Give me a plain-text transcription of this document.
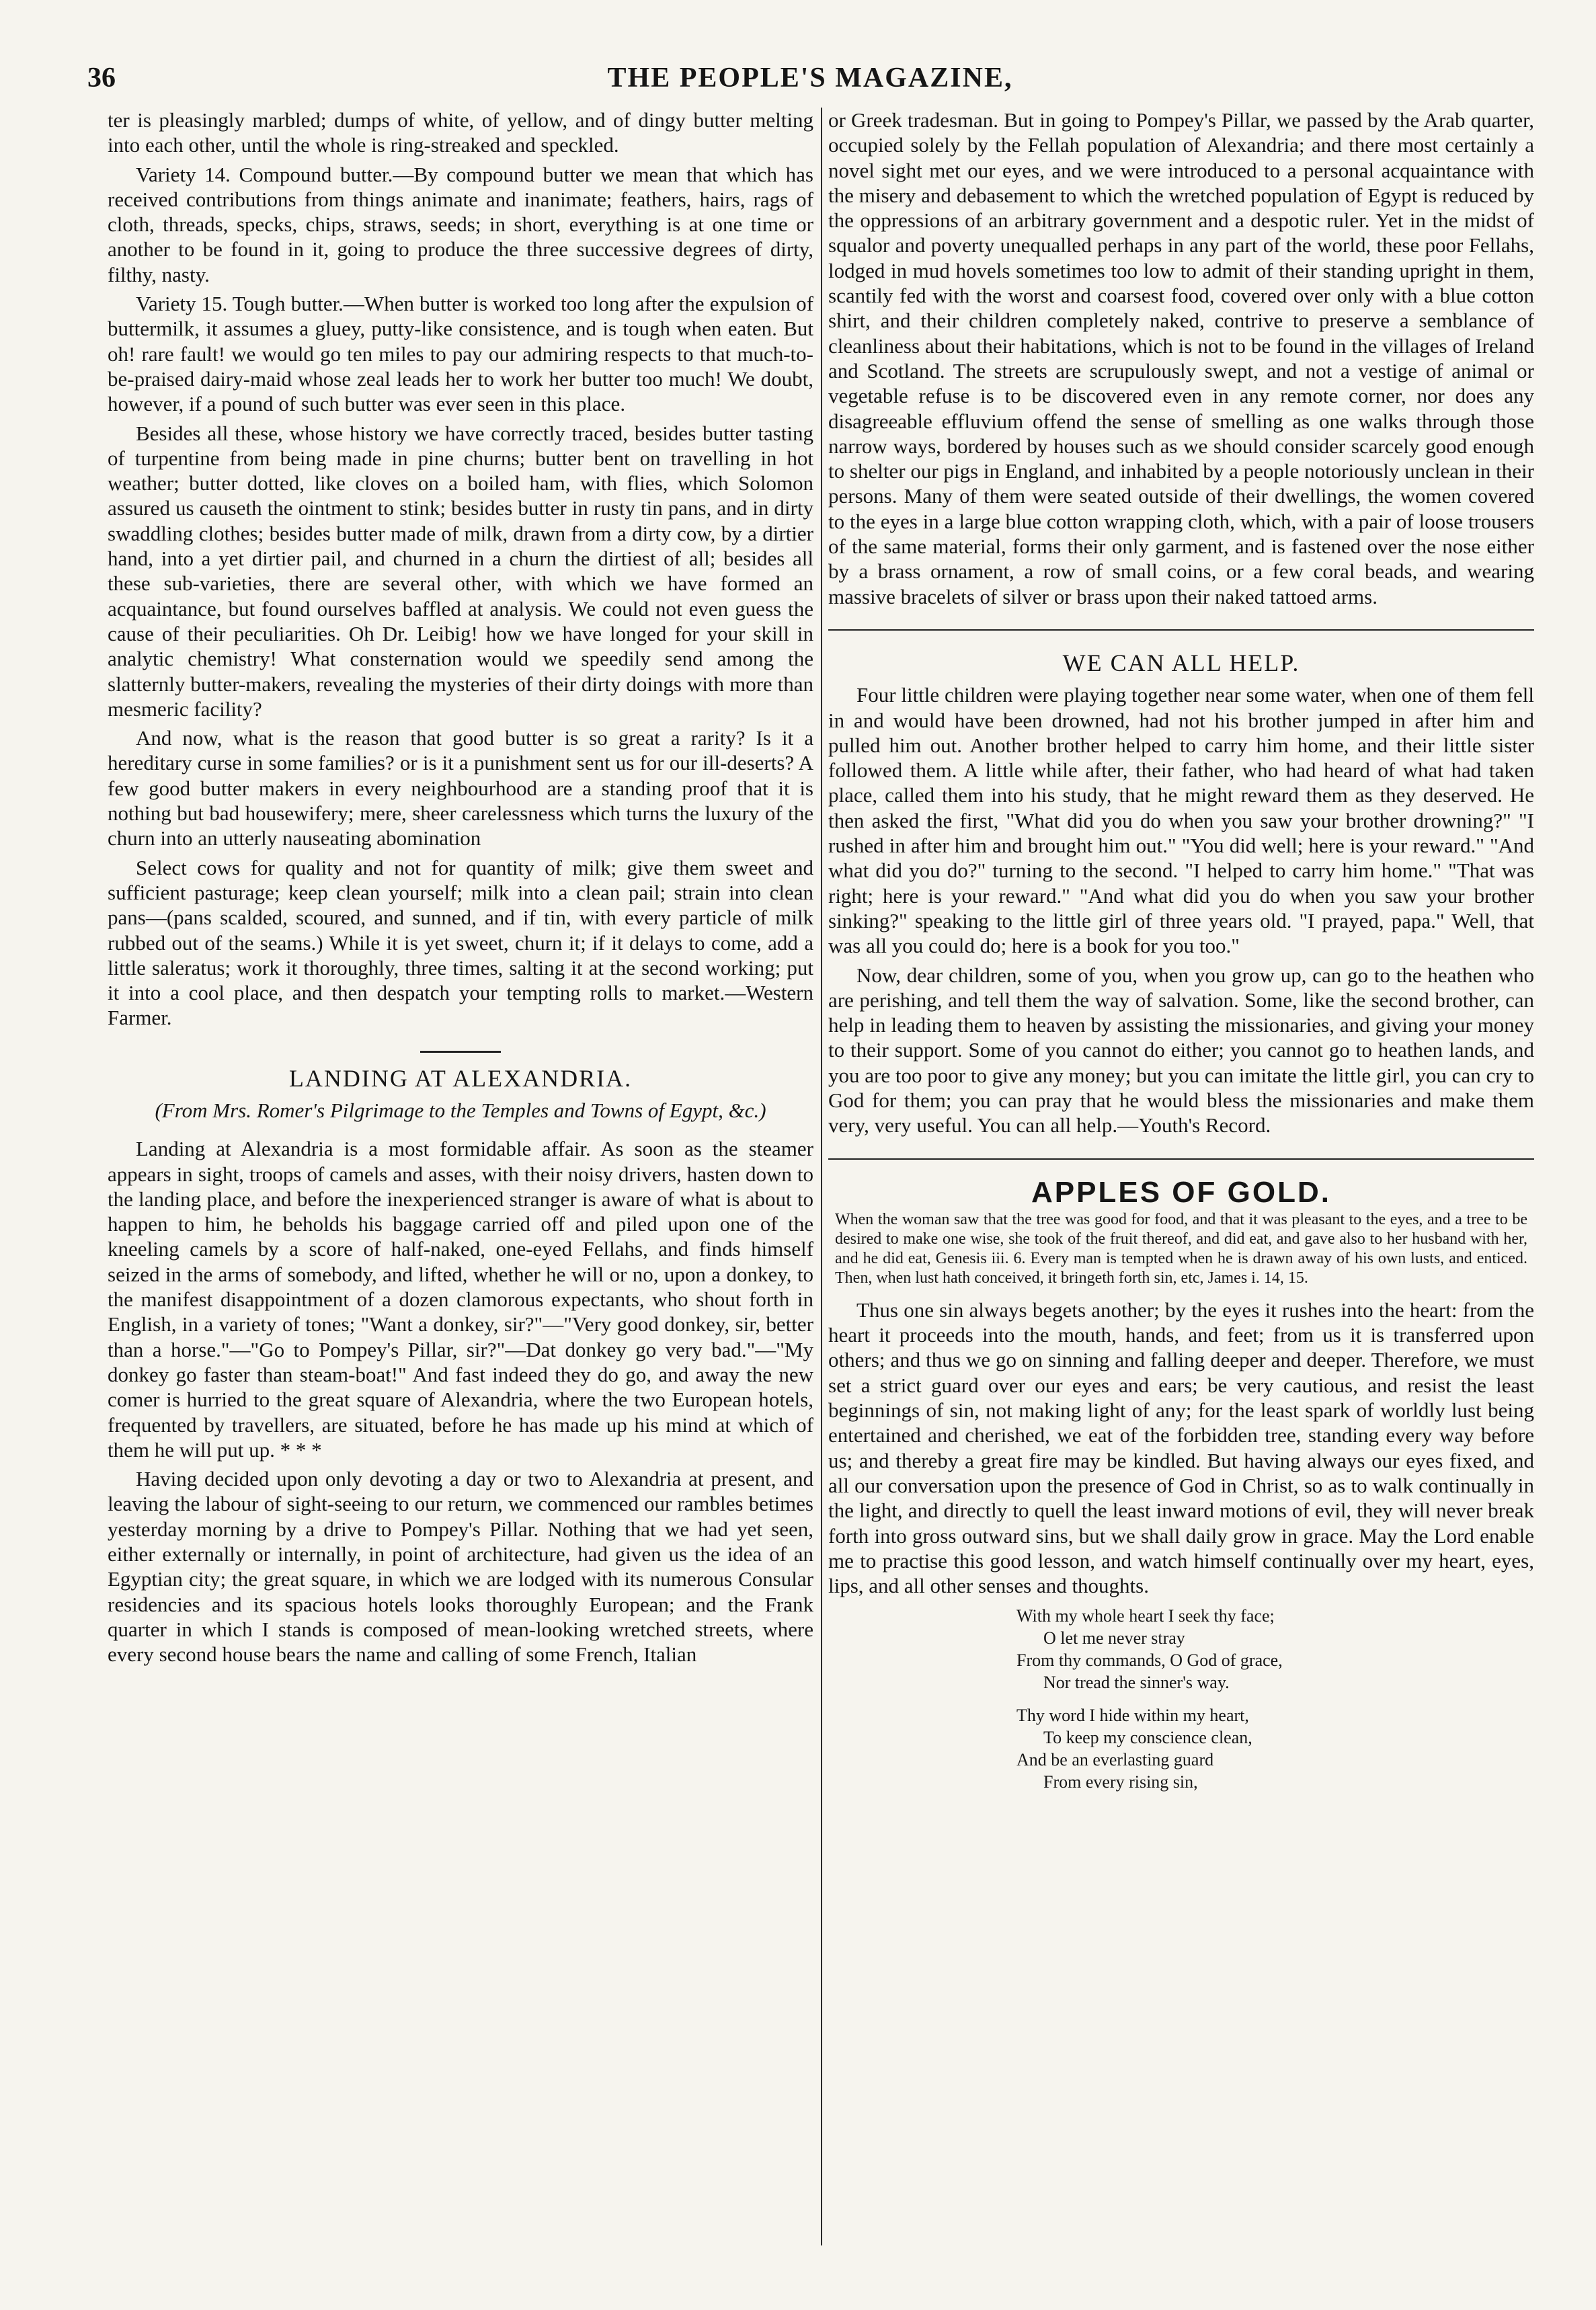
36	THE PEOPLE'S MAGAZINE,

ter is pleasingly marbled; dumps of white, of yellow, and of dingy butter melting into each other, until the whole is ring-streaked and speckled.

Variety 14. Compound butter.—By compound butter we mean that which has received contributions from things animate and inanimate; feathers, hairs, rags of cloth, threads, specks, chips, straws, seeds; in short, everything is at one time or another to be found in it, going to produce the three successive degrees of dirty, filthy, nasty.

Variety 15. Tough butter.—When butter is worked too long after the expulsion of buttermilk, it assumes a gluey, putty-like consistence, and is tough when eaten. But oh! rare fault! we would go ten miles to pay our admiring respects to that much-to-be-praised dairy-maid whose zeal leads her to work her butter too much! We doubt, however, if a pound of such butter was ever seen in this place.

Besides all these, whose history we have correctly traced, besides butter tasting of turpentine from being made in pine churns; butter bent on travelling in hot weather; butter dotted, like cloves on a boiled ham, with flies, which Solomon assured us causeth the ointment to stink; besides butter in rusty tin pans, and in dirty swaddling clothes; besides butter made of milk, drawn from a dirty cow, by a dirtier hand, into a yet dirtier pail, and churned in a churn the dirtiest of all; besides all these sub-varieties, there are several other, with which we have formed an acquaintance, but found ourselves baffled at analysis. We could not even guess the cause of their peculiarities. Oh Dr. Leibig! how we have longed for your skill in analytic chemistry! What consternation would we speedily send among the slatternly butter-makers, revealing the mysteries of their dirty doings with more than mesmeric facility?

And now, what is the reason that good butter is so great a rarity? Is it a hereditary curse in some families? or is it a punishment sent us for our ill-deserts? A few good butter makers in every neighbourhood are a standing proof that it is nothing but bad housewifery; mere, sheer carelessness which turns the luxury of the churn into an utterly nauseating abomination

Select cows for quality and not for quantity of milk; give them sweet and sufficient pasturage; keep clean yourself; milk into a clean pail; strain into clean pans—(pans scalded, scoured, and sunned, and if tin, with every particle of milk rubbed out of the seams.) While it is yet sweet, churn it; if it delays to come, add a little saleratus; work it thoroughly, three times, salting it at the second working; put it into a cool place, and then despatch your tempting rolls to market.—Western Farmer.

LANDING AT ALEXANDRIA.
(From Mrs. Romer's Pilgrimage to the Temples and Towns of Egypt, &c.)

Landing at Alexandria is a most formidable affair. As soon as the steamer appears in sight, troops of camels and asses, with their noisy drivers, hasten down to the landing place, and before the inexperienced stranger is aware of what is about to happen to him, he beholds his baggage carried off and piled upon one of the kneeling camels by a score of half-naked, one-eyed Fellahs, and finds himself seized in the arms of somebody, and lifted, whether he will or no, upon a donkey, to the manifest disappointment of a dozen clamorous expectants, who shout forth in English, in a variety of tones; "Want a donkey, sir?"—"Very good donkey, sir, better than a horse."—"Go to Pompey's Pillar, sir?"—Dat donkey go very bad."—"My donkey go faster than steam-boat!" And fast indeed they do go, and away the new comer is hurried to the great square of Alexandria, where the two European hotels, frequented by travellers, are situated, before he has made up his mind at which of them he will put up. * * *

Having decided upon only devoting a day or two to Alexandria at present, and leaving the labour of sight-seeing to our return, we commenced our rambles betimes yesterday morning by a drive to Pompey's Pillar. Nothing that we had yet seen, either externally or internally, in point of architecture, had given us the idea of an Egyptian city; the great square, in which we are lodged with its numerous Consular residencies and its spacious hotels looks thoroughly European; and the Frank quarter in which I stands is composed of mean-looking wretched streets, where every second house bears the name and calling of some French, Italian

or Greek tradesman. But in going to Pompey's Pillar, we passed by the Arab quarter, occupied solely by the Fellah population of Alexandria; and there most certainly a novel sight met our eyes, and we were introduced to a personal acquaintance with the misery and debasement to which the wretched population of Egypt is reduced by the oppressions of an arbitrary government and a despotic ruler. Yet in the midst of squalor and poverty unequalled perhaps in any part of the world, these poor Fellahs, lodged in mud hovels sometimes too low to admit of their standing upright in them, scantily fed with the worst and coarsest food, covered over only with a blue cotton shirt, and their children completely naked, contrive to preserve a semblance of cleanliness about their habitations, which is not to be found in the villages of Ireland and Scotland. The streets are scrupulously swept, and not a vestige of animal or vegetable refuse is to be discovered even in any remote corner, nor does any disagreeable effluvium offend the sense of smelling as one walks through those narrow ways, bordered by houses such as we should consider scarcely good enough to shelter our pigs in England, and inhabited by a people notoriously unclean in their persons. Many of them were seated outside of their dwellings, the women covered to the eyes in a large blue cotton wrapping cloth, which, with a pair of loose trousers of the same material, forms their only garment, and is fastened over the nose either by a brass ornament, a row of small coins, or a few coral beads, and wearing massive bracelets of silver or brass upon their naked tattoed arms.

WE CAN ALL HELP.

Four little children were playing together near some water, when one of them fell in and would have been drowned, had not his brother jumped in after him and pulled him out. Another brother helped to carry him home, and their little sister followed them. A little while after, their father, who had heard of what had taken place, called them into his study, that he might reward them as they deserved. He then asked the first, "What did you do when you saw your brother drowning?" "I rushed in after him and brought him out." "You did well; here is your reward." "And what did you do?" turning to the second. "I helped to carry him home." "That was right; here is your reward." "And what did you do when you saw your brother sinking?" speaking to the little girl of three years old. "I prayed, papa." Well, that was all you could do; here is a book for you too."

Now, dear children, some of you, when you grow up, can go to the heathen who are perishing, and tell them the way of salvation. Some, like the second brother, can help in leading them to heaven by assisting the missionaries, and giving your money to their support. Some of you cannot do either; you cannot go to heathen lands, and you are too poor to give any money; but you can imitate the little girl, you can cry to God for them; you can pray that he would bless the missionaries and make them very, very useful. You can all help.—Youth's Record.

APPLES OF GOLD.

When the woman saw that the tree was good for food, and that it was pleasant to the eyes, and a tree to be desired to make one wise, she took of the fruit thereof, and did eat, and gave also to her husband with her, and he did eat, Genesis iii. 6. Every man is tempted when he is drawn away of his own lusts, and enticed. Then, when lust hath conceived, it bringeth forth sin, etc, James i. 14, 15.

Thus one sin always begets another; by the eyes it rushes into the heart: from the heart it proceeds into the mouth, hands, and feet; from us it is transferred upon others; and thus we go on sinning and falling deeper and deeper. Therefore, we must set a strict guard over our eyes and ears; be very cautious, and resist the least beginnings of sin, not making light of any; for the least spark of worldly lust being entertained and cherished, we eat of the forbidden tree, standing every way before us; and thereby a great fire may be kindled. But having always our eyes fixed, and all our conversation upon the presence of God in Christ, so as to walk continually in the light, and directly to quell the least inward motions of evil, they will never break forth into gross outward sins, but we shall daily grow in grace. May the Lord enable me to practise this good lesson, and watch himself continually over my heart, eyes, lips, and all other senses and thoughts.

With my whole heart I seek thy face;
O let me never stray
From thy commands, O God of grace,
Nor tread the sinner's way.
Thy word I hide within my heart,
To keep my conscience clean,
And be an everlasting guard
From every rising sin,
